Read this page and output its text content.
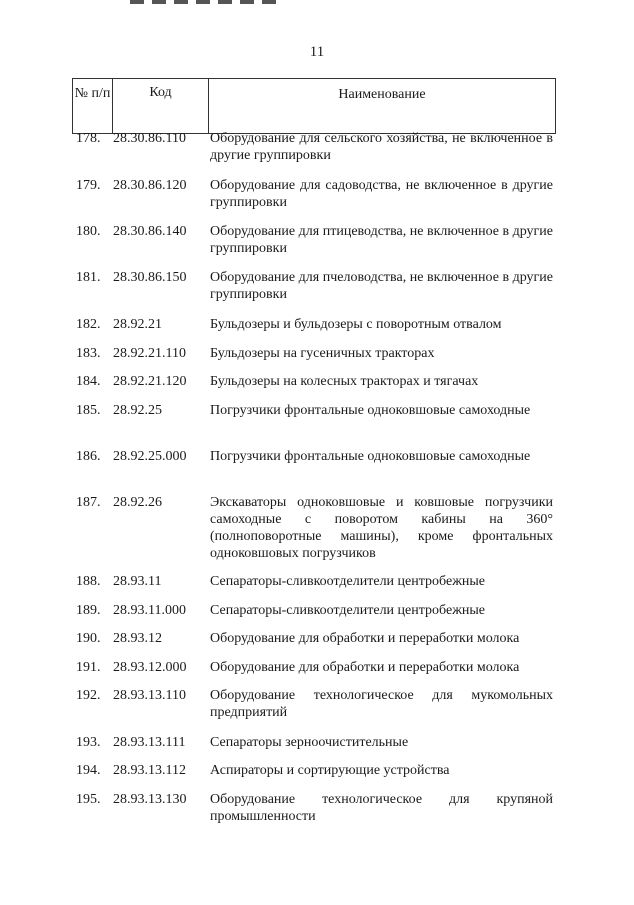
11
№ п/п	Код	Наименование
178. 28.30.86.110	Оборудование для сельского хозяйства, не включенное в другие группировки
179. 28.30.86.120	Оборудование для садоводства, не включенное в другие группировки
180. 28.30.86.140	Оборудование для птицеводства, не включенное в другие группировки
181. 28.30.86.150	Оборудование для пчеловодства, не включенное в другие группировки
182. 28.92.21	Бульдозеры и бульдозеры с поворотным отвалом
183. 28.92.21.110	Бульдозеры на гусеничных тракторах
184. 28.92.21.120	Бульдозеры на колесных тракторах и тягачах
185. 28.92.25	Погрузчики фронтальные одноковшовые самоходные
186. 28.92.25.000	Погрузчики фронтальные одноковшовые самоходные
187. 28.92.26	Экскаваторы одноковшовые и ковшовые погрузчики самоходные с поворотом кабины на 360° (полноповоротные машины), кроме фронтальных одноковшовых погрузчиков
188. 28.93.11	Сепараторы-сливкоотделители центробежные
189. 28.93.11.000	Сепараторы-сливкоотделители центробежные
190. 28.93.12	Оборудование для обработки и переработки молока
191. 28.93.12.000	Оборудование для обработки и переработки молока
192. 28.93.13.110	Оборудование технологическое для мукомольных предприятий
193. 28.93.13.111	Сепараторы зерноочистительные
194. 28.93.13.112	Аспираторы и сортирующие устройства
195. 28.93.13.130	Оборудование технологическое для крупяной промышленности
